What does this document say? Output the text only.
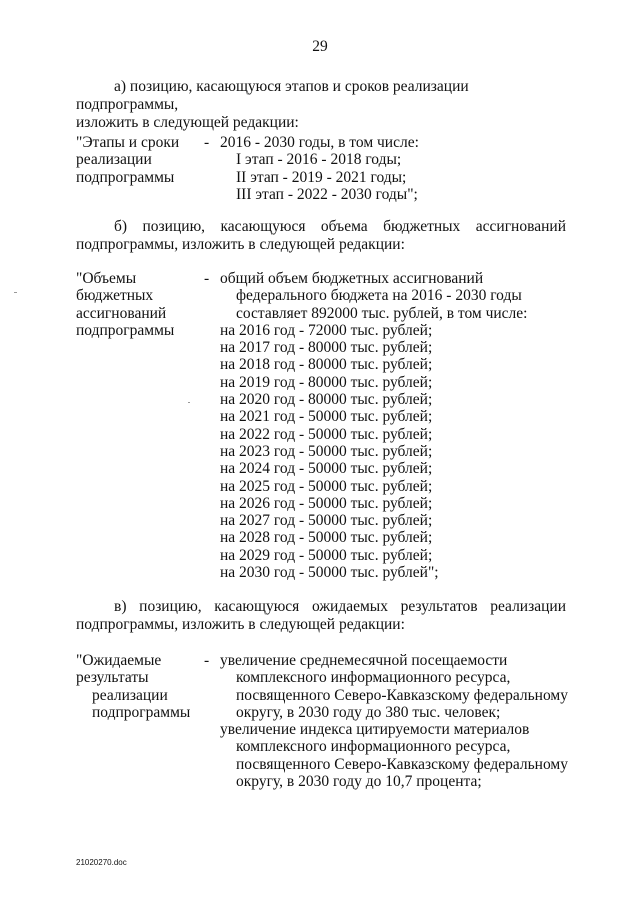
29
а) позицию, касающуюся этапов и сроков реализации подпрограммы,
изложить в следующей редакции:
"Этапы и сроки
реализации
подпрограммы
- 2016 - 2030 годы, в том числе:
I этап - 2016 - 2018 годы;
II этап - 2019 - 2021 годы;
III этап - 2022 - 2030 годы";
б) позицию, касающуюся объема бюджетных ассигнований
подпрограммы, изложить в следующей редакции:
"Объемы
бюджетных
ассигнований
подпрограммы
- общий объем бюджетных ассигнований
федерального бюджета на 2016 - 2030 годы
составляет 892000 тыс. рублей, в том числе:
на 2016 год - 72000 тыс. рублей;
на 2017 год - 80000 тыс. рублей;
на 2018 год - 80000 тыс. рублей;
на 2019 год - 80000 тыс. рублей;
на 2020 год - 80000 тыс. рублей;
на 2021 год - 50000 тыс. рублей;
на 2022 год - 50000 тыс. рублей;
на 2023 год - 50000 тыс. рублей;
на 2024 год - 50000 тыс. рублей;
на 2025 год - 50000 тыс. рублей;
на 2026 год - 50000 тыс. рублей;
на 2027 год - 50000 тыс. рублей;
на 2028 год - 50000 тыс. рублей;
на 2029 год - 50000 тыс. рублей;
на 2030 год - 50000 тыс. рублей";
в) позицию, касающуюся ожидаемых результатов реализации
подпрограммы, изложить в следующей редакции:
"Ожидаемые
результаты
реализации
подпрограммы
- увеличение среднемесячной посещаемости
комплексного информационного ресурса,
посвященного Северо-Кавказскому федеральному
округу, в 2030 году до 380 тыс. человек;
увеличение индекса цитируемости материалов
комплексного информационного ресурса,
посвященного Северо-Кавказскому федеральному
округу, в 2030 году до 10,7 процента;
21020270.doc
